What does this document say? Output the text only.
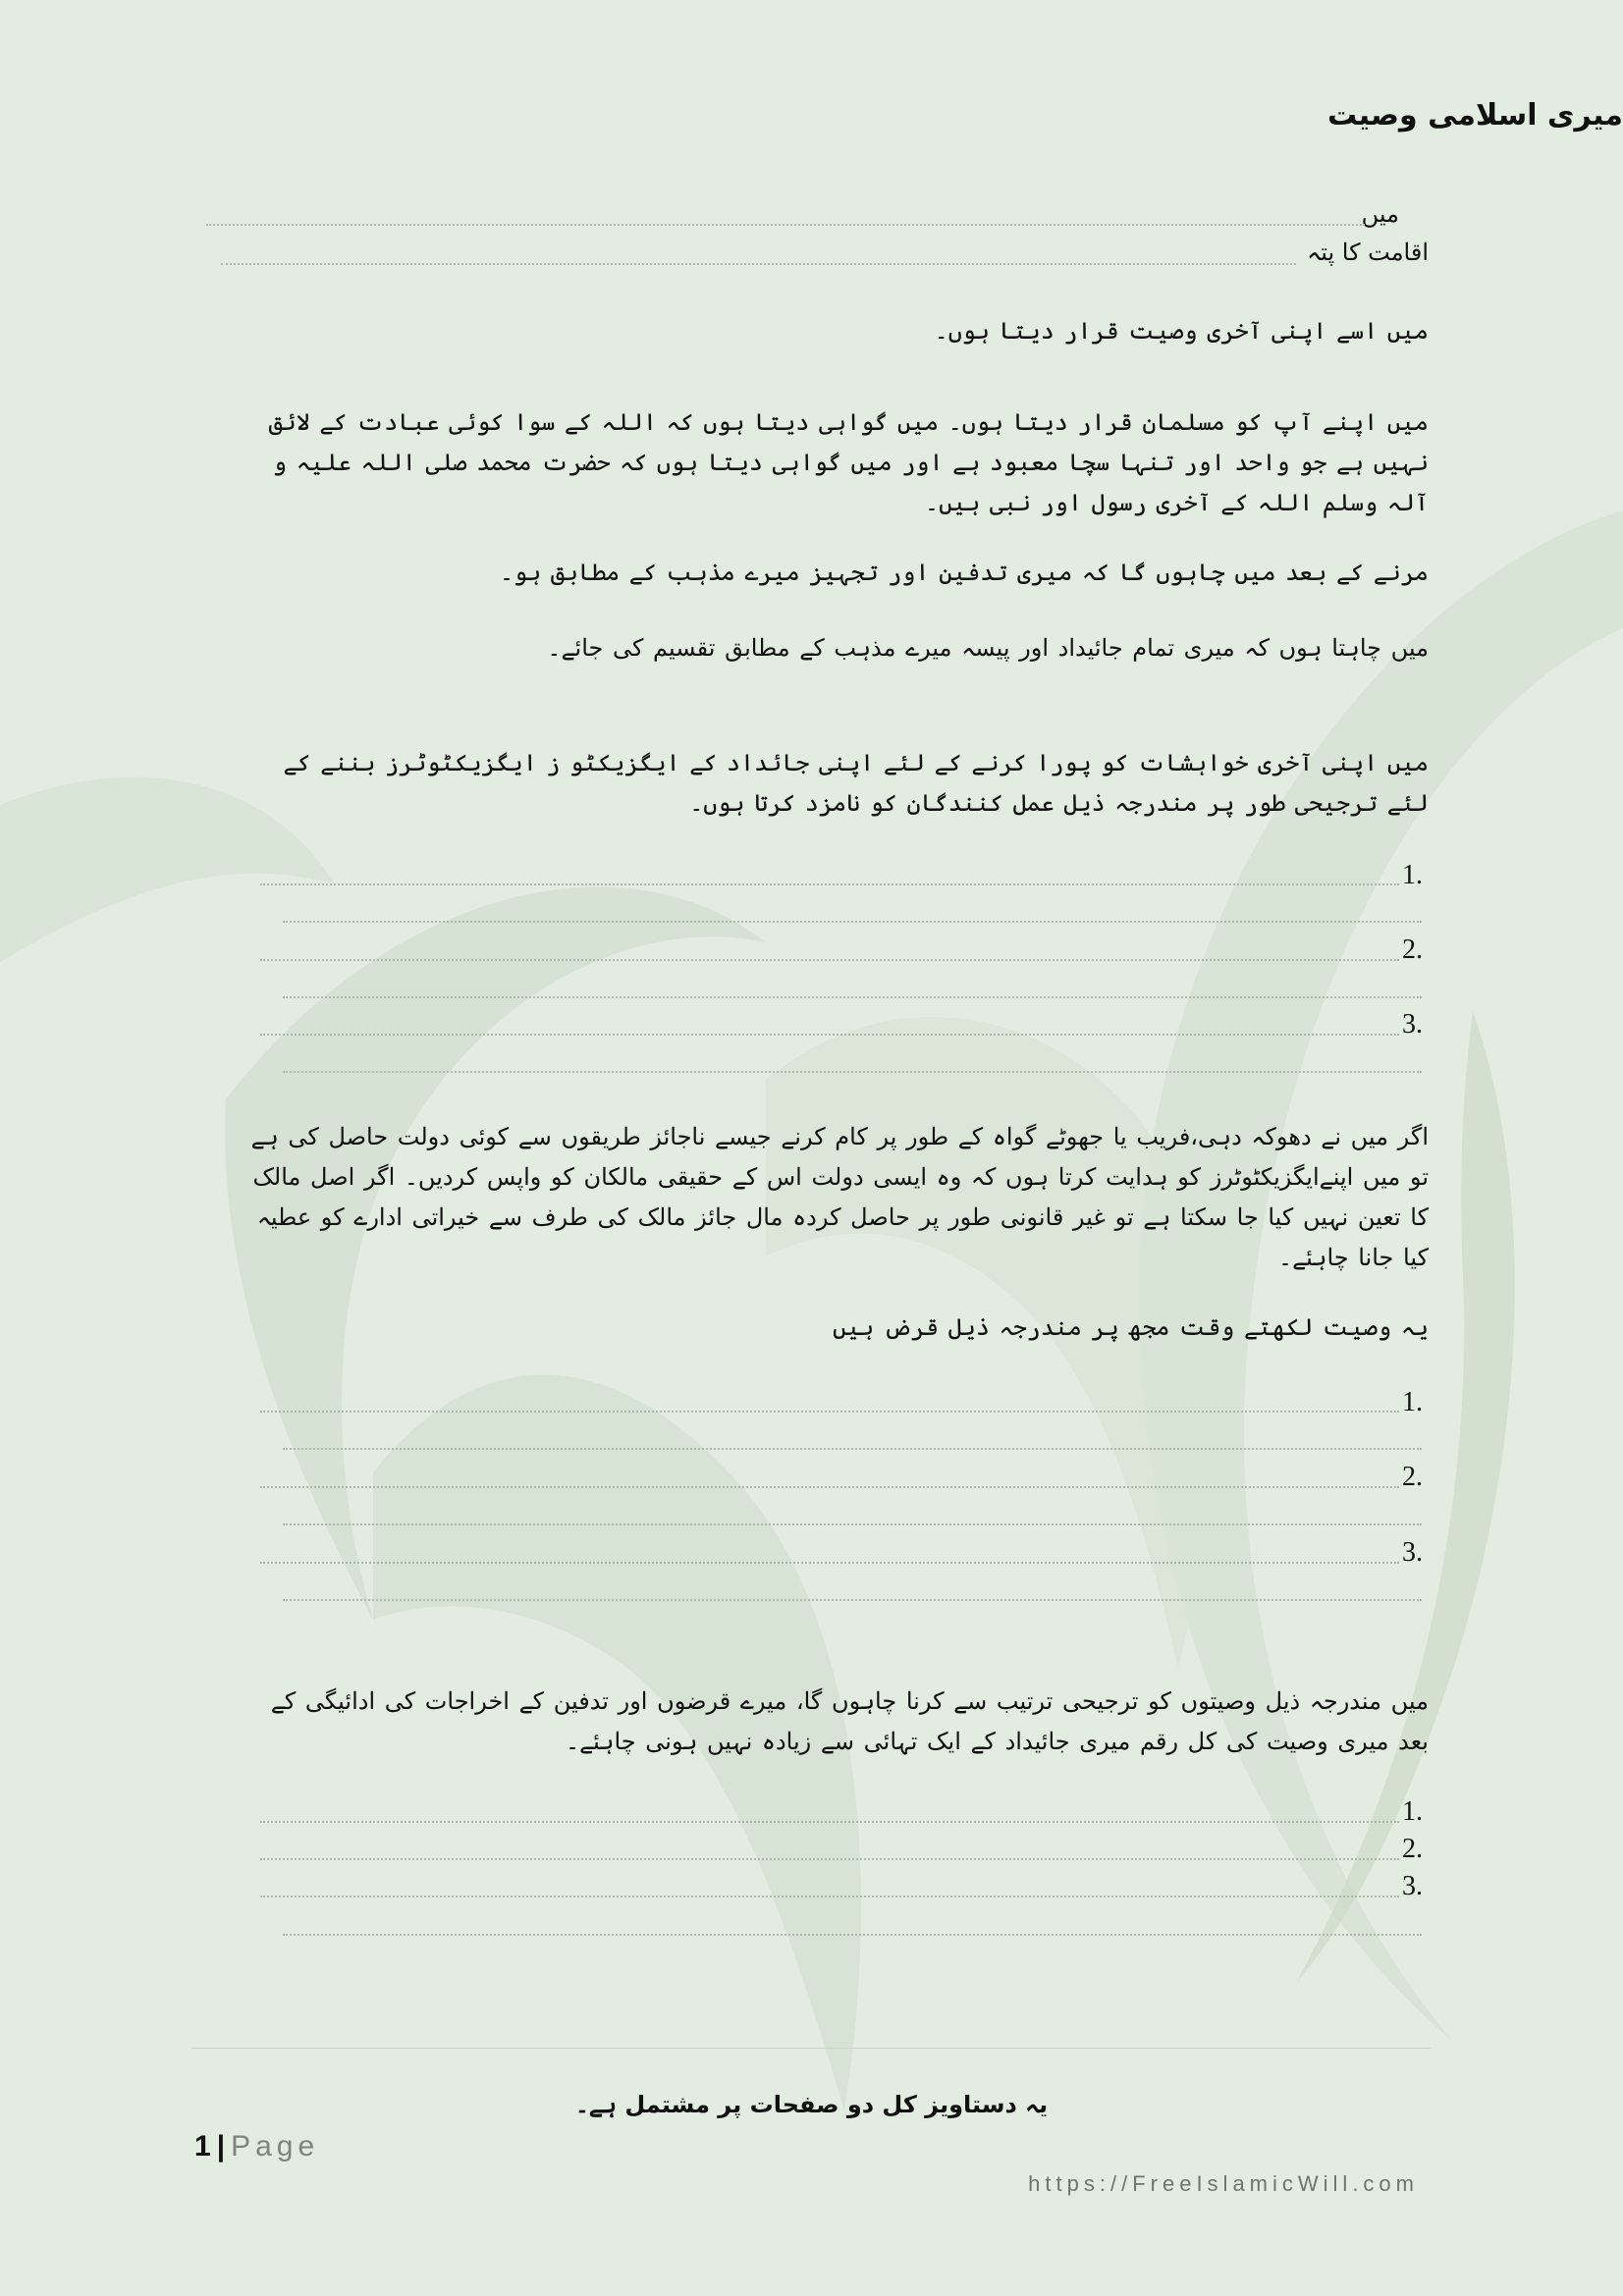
میری اسلامی وصیت
میں
اقامت کا پتہ
میں اسے اپنی آخری وصیت قرار دیتا ہوں۔
میں اپنے آپ کو مسلمان قرار دیتا ہوں۔ میں گواہی دیتا ہوں کہ اللہ کے سوا کوئی عبادت کے لائق نہیں ہے جو واحد اور تنہا سچا معبود ہے اور میں گواہی دیتا ہوں کہ حضرت محمد صلی اللہ علیہ و آلہ وسلم اللہ کے آخری رسول اور نبی ہیں۔
مرنے کے بعد میں چاہوں گا کہ میری تدفین اور تجہیز میرے مذہب کے مطابق ہو۔
میں چاہتا ہوں کہ میری تمام جائیداد اور پیسہ میرے مذہب کے مطابق تقسیم کی جائے۔
میں اپنی آخری خواہشات کو پورا کرنے کے لئے اپنی جائداد کے ایگزیکٹو ز ایگزیکٹوٹرز بننے کے لئے ترجیحی طور پر مندرجہ ذیل عمل کنندگان کو نامزد کرتا ہوں۔
1.
2.
3.
اگر میں نے دھوکہ دہی،فریب یا جھوٹے گواہ کے طور پر کام کرنے جیسے ناجائز طریقوں سے کوئی دولت حاصل کی ہے تو میں اپنےایگزیکٹوٹرز کو ہدایت کرتا ہوں کہ وہ ایسی دولت اس کے حقیقی مالکان کو واپس کردیں۔ اگر اصل مالک کا تعین نہیں کیا جا سکتا ہے تو غیر قانونی طور پر حاصل کردہ مال جائز مالک کی طرف سے خیراتی ادارے کو عطیہ کیا جانا چاہئے۔
یہ وصیت لکھتے وقت مجھ پر مندرجہ ذیل قرض ہیں
1.
2.
3.
میں مندرجہ ذیل وصیتوں کو ترجیحی ترتیب سے کرنا چاہوں گا، میرے قرضوں اور تدفین کے اخراجات کی ادائیگی کے بعد میری وصیت کی کل رقم میری جائیداد کے ایک تہائی سے زیادہ نہیں ہونی چاہئے۔
1.
2.
3.
یہ دستاویز کل دو صفحات پر مشتمل ہے۔
1 | Page
https://FreeIslamicWill.com
